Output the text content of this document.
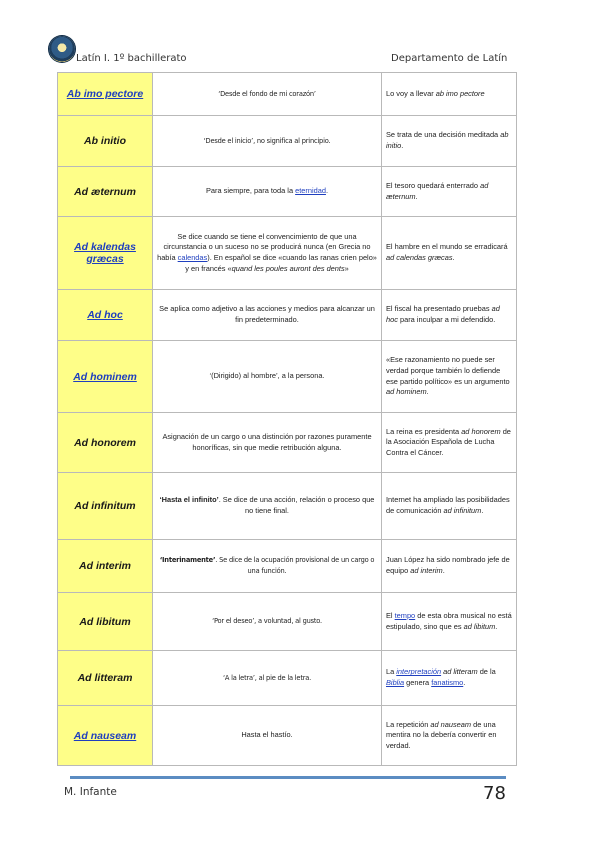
Latín I. 1º bachillerato	Departamento de Latín
Ab imo pectore	‘Desde el fondo de mi corazón’	Lo voy a llevar ab imo pectore
Ab initio	‘Desde el inicio’, no significa al principio.	Se trata de una decisión meditada ab initio.
Ad æternum	Para siempre, para toda la eternidad.	El tesoro quedará enterrado ad æternum.
Ad kalendas græcas	Se dice cuando se tiene el convencimiento de que una circunstancia o un suceso no se producirá nunca (en Grecia no había calendas). En español se dice «cuando las ranas crien pelo» y en francés «quand les poules auront des dents»	El hambre en el mundo se erradicará ad calendas græcas.
Ad hoc	Se aplica como adjetivo a las acciones y medios para alcanzar un fin predeterminado.	El fiscal ha presentado pruebas ad hoc para inculpar a mi defendido.
Ad hominem	‘(Dirigido) al hombre’, a la persona.	«Ese razonamiento no puede ser verdad porque también lo defiende ese partido político» es un argumento ad hominem.
Ad honorem	Asignación de un cargo o una distinción por razones puramente honoríficas, sin que medie retribución alguna.	La reina es presidenta ad honorem de la Asociación Española de Lucha Contra el Cáncer.
Ad infinitum	‘Hasta el infinito’. Se dice de una acción, relación o proceso que no tiene final.	Internet ha ampliado las posibilidades de comunicación ad infinitum.
Ad interim	‘Interinamente’. Se dice de la ocupación provisional de un cargo o una función.	Juan López ha sido nombrado jefe de equipo ad interim.
Ad libitum	‘Por el deseo’, a voluntad, al gusto.	El tempo de esta obra musical no está estipulado, sino que es ad libitum.
Ad litteram	‘A la letra’, al pie de la letra.	La interpretación ad litteram de la Biblia genera fanatismo.
Ad nauseam	Hasta el hastío.	La repetición ad nauseam de una mentira no la debería convertir en verdad.
M. Infante	78
